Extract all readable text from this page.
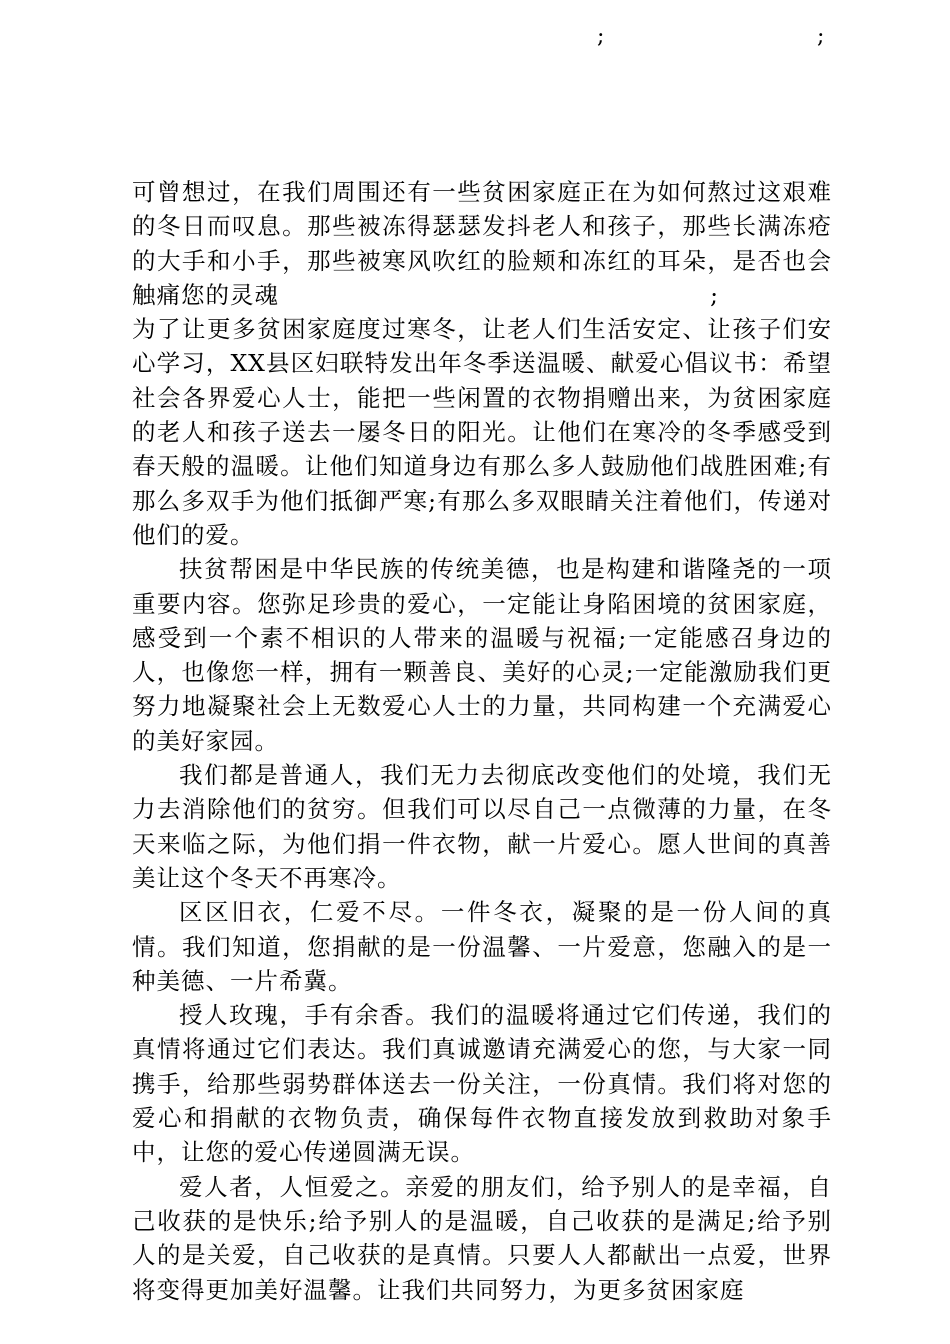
;	;

可曾想过，在我们周围还有一些贫困家庭正在为如何熬过这艰难的冬日而叹息。那些被冻得瑟瑟发抖老人和孩子，那些长满冻疮的大手和小手，那些被寒风吹红的脸颊和冻红的耳朵，是否也会触痛您的灵魂	;

为了让更多贫困家庭度过寒冬，让老人们生活安定、让孩子们安心学习，XX县区妇联特发出年冬季送温暖、献爱心倡议书：希望社会各界爱心人士，能把一些闲置的衣物捐赠出来，为贫困家庭的老人和孩子送去一屡冬日的阳光。让他们在寒冷的冬季感受到春天般的温暖。让他们知道身边有那么多人鼓励他们战胜困难;有那么多双手为他们抵御严寒;有那么多双眼睛关注着他们，传递对他们的爱。

扶贫帮困是中华民族的传统美德，也是构建和谐隆尧的一项重要内容。您弥足珍贵的爱心，一定能让身陷困境的贫困家庭，感受到一个素不相识的人带来的温暖与祝福;一定能感召身边的人，也像您一样，拥有一颗善良、美好的心灵;一定能激励我们更努力地凝聚社会上无数爱心人士的力量，共同构建一个充满爱心的美好家园。

我们都是普通人，我们无力去彻底改变他们的处境，我们无力去消除他们的贫穷。但我们可以尽自己一点微薄的力量，在冬天来临之际，为他们捐一件衣物，献一片爱心。愿人世间的真善美让这个冬天不再寒冷。

区区旧衣，仁爱不尽。一件冬衣，凝聚的是一份人间的真情。我们知道，您捐献的是一份温馨、一片爱意，您融入的是一种美德、一片希冀。

授人玫瑰，手有余香。我们的温暖将通过它们传递，我们的真情将通过它们表达。我们真诚邀请充满爱心的您，与大家一同携手，给那些弱势群体送去一份关注，一份真情。我们将对您的爱心和捐献的衣物负责，确保每件衣物直接发放到救助对象手中，让您的爱心传递圆满无误。

爱人者，人恒爱之。亲爱的朋友们，给予别人的是幸福，自己收获的是快乐;给予别人的是温暖，自己收获的是满足;给予别人的是关爱，自己收获的是真情。只要人人都献出一点爱，世界将变得更加美好温馨。让我们共同努力，为更多贫困家庭
